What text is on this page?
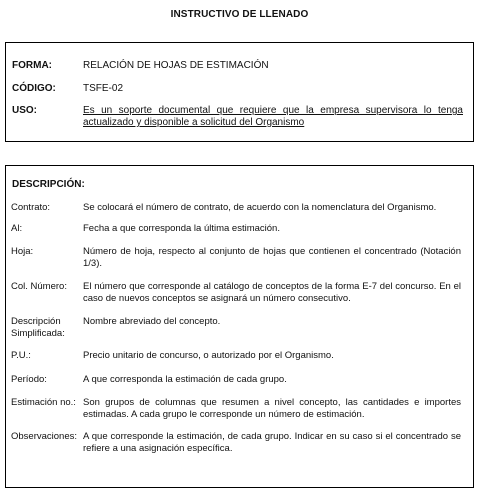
INSTRUCTIVO DE LLENADO
FORMA:	RELACIÓN DE HOJAS DE ESTIMACIÓN
CÓDIGO:	TSFE-02
USO:	Es un soporte documental que requiere que la empresa supervisora lo tenga actualizado y disponible a solicitud del Organismo
DESCRIPCIÓN:
Contrato:	Se colocará el número de contrato, de acuerdo con la nomenclatura del Organismo.
Al:	Fecha a que corresponda la última estimación.
Hoja:	Número de hoja, respecto al conjunto de hojas que contienen el concentrado (Notación 1/3).
Col. Número:	El número que corresponde al catálogo de conceptos de la forma E-7 del concurso. En el caso de nuevos conceptos se asignará un número consecutivo.
Descripción Simplificada:
Nombre abreviado del concepto.
P.U.:	Precio unitario de concurso, o autorizado por el Organismo.
Período:	A que corresponda la estimación de cada grupo.
Estimación no.: Son grupos de columnas que resumen a nivel concepto, las cantidades e importes estimadas. A cada grupo le corresponde un número de estimación.
Observaciones: A que corresponde la estimación, de cada grupo. Indicar en su caso si el concentrado se refiere a una asignación específica.
